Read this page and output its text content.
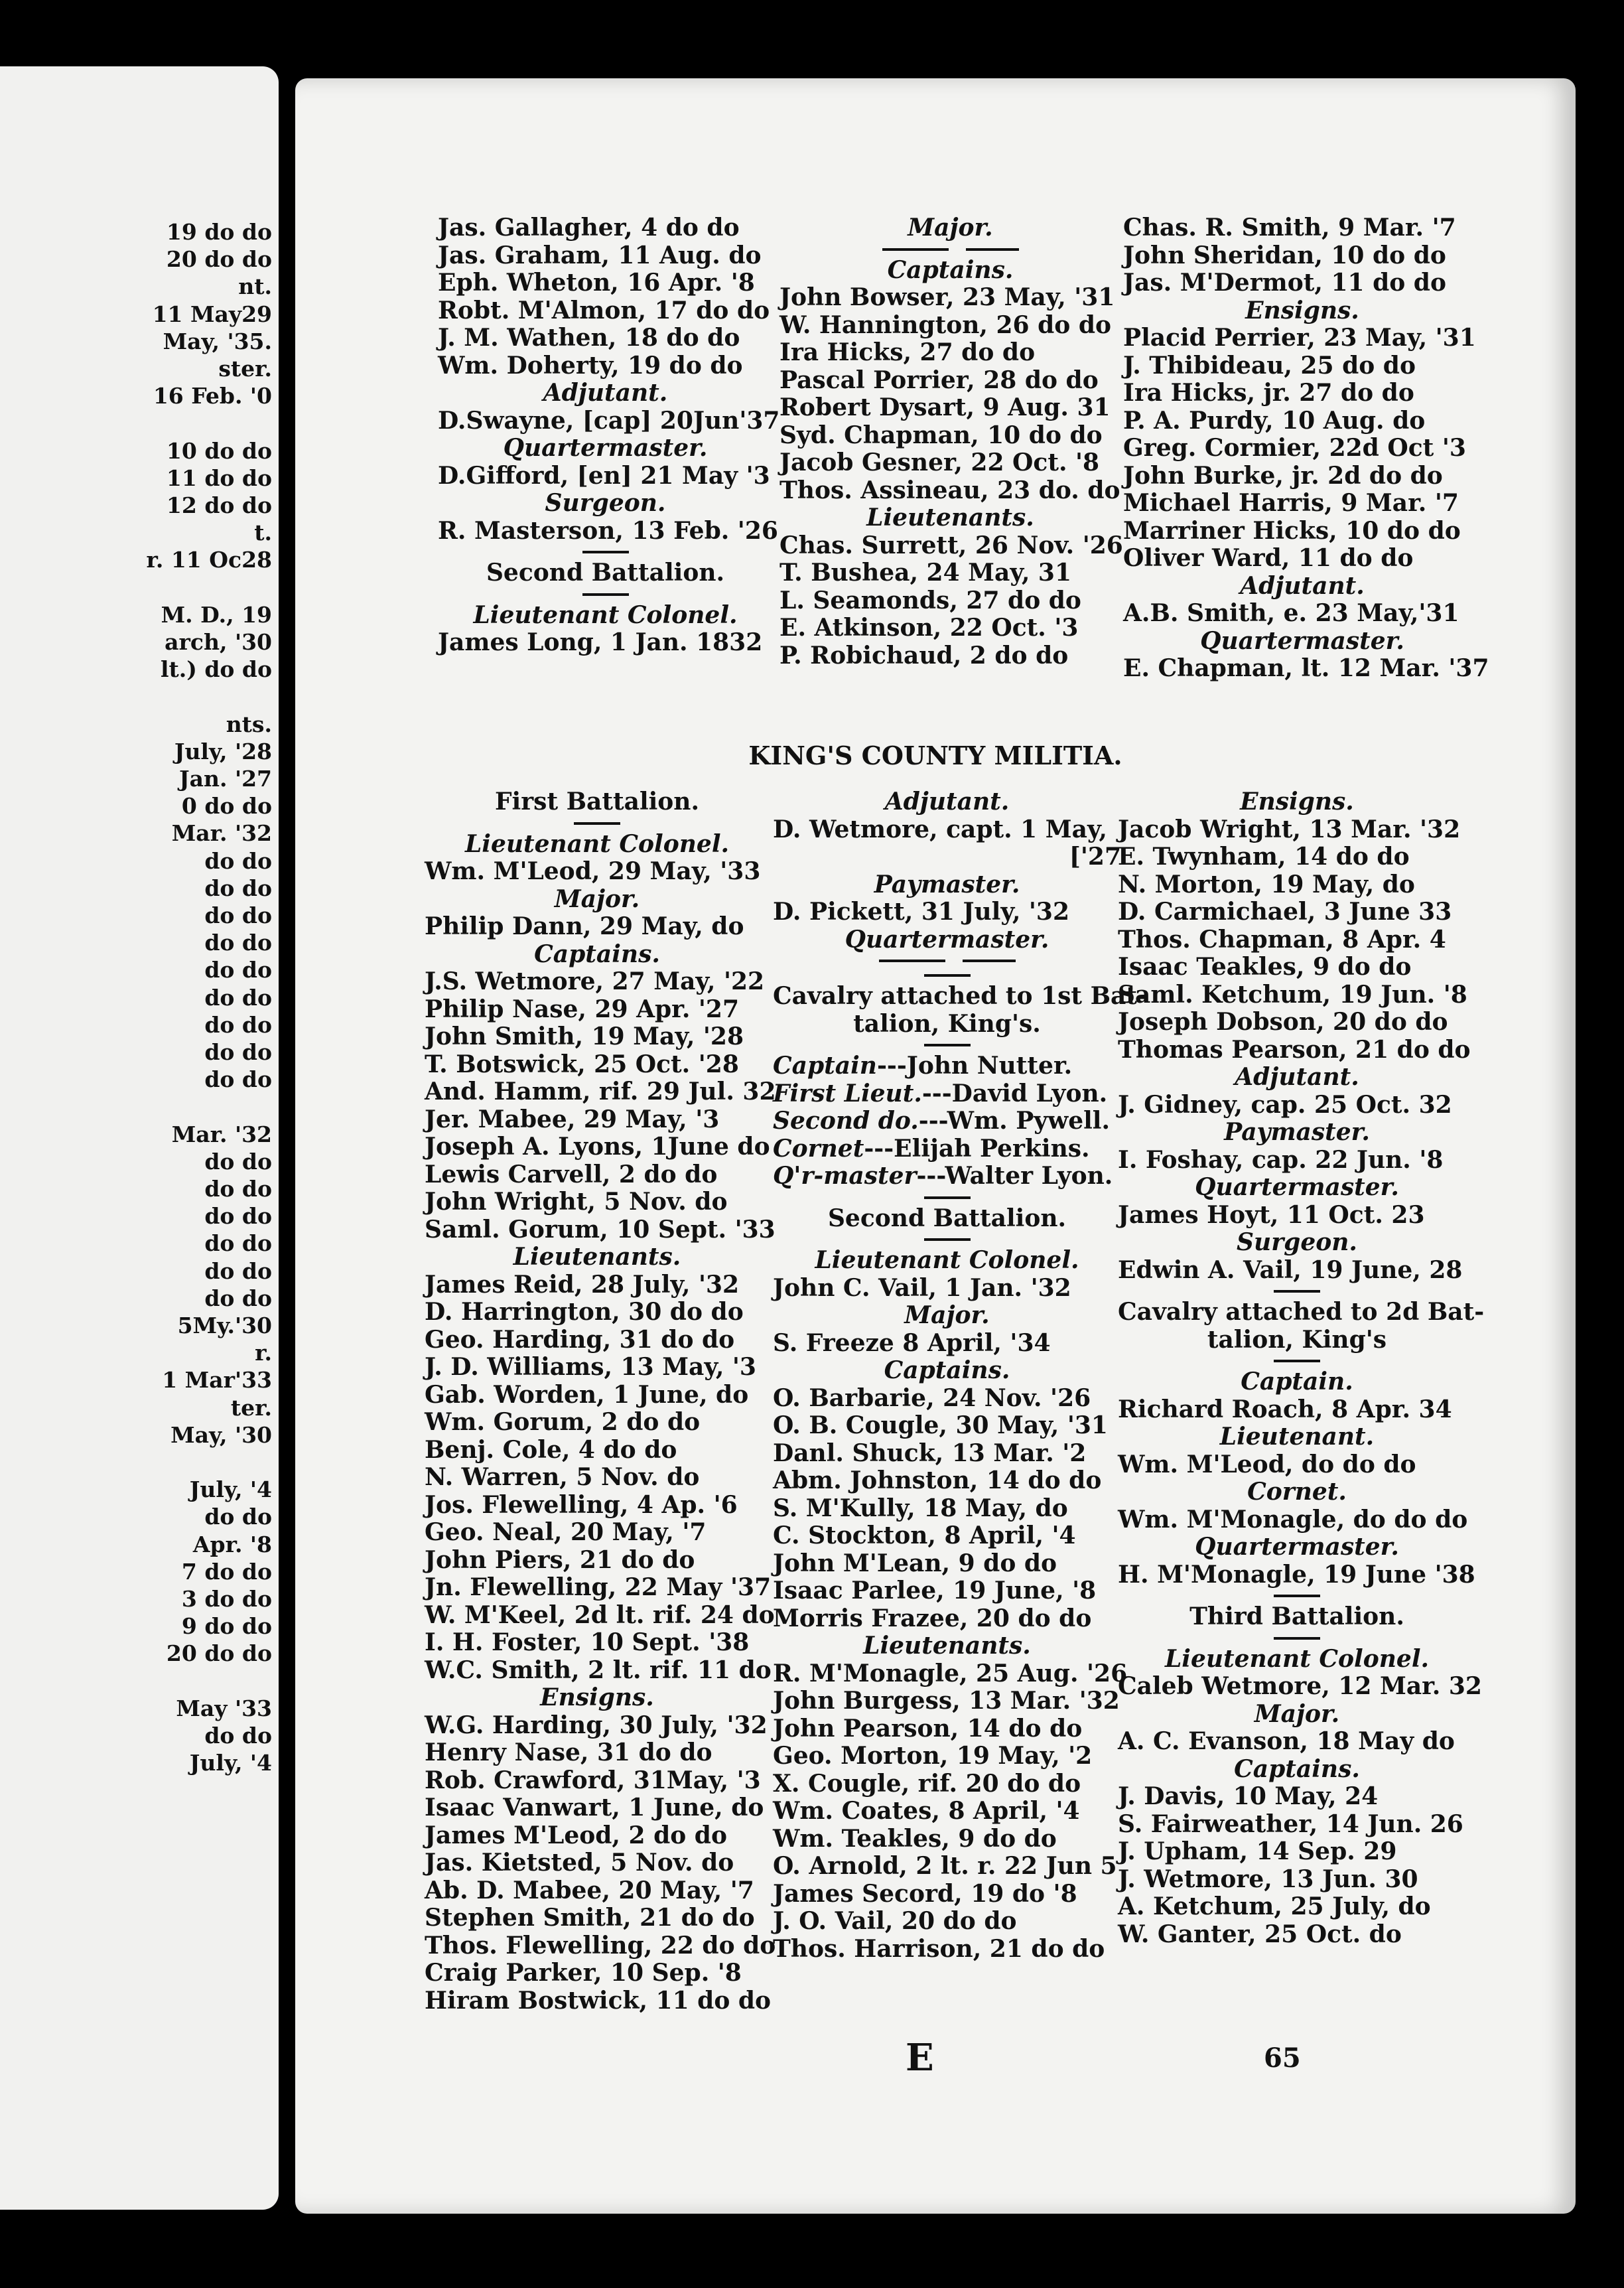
19 do do
20 do do
nt.
11 May29
May, '35.
ster.
16 Feb. '0
10 do do
11 do do
12 do do
t.
r. 11 Oc28
M. D., 19
arch, '30
lt.) do do
nts.
July, '28
Jan. '27
0 do do
Mar. '32
do do
do do
do do
do do
do do
do do
do do
do do
do do
Mar. '32
do do
do do
do do
do do
do do
do do
5My.'30
r.
1 Mar'33
ter.
May, '30
July, '4
do do
Apr. '8
7 do do
3 do do
9 do do
20 do do
May '33
do do
July, '4
Jas. Gallagher, 4 do do
Jas. Graham, 11 Aug. do
Eph. Wheton, 16 Apr. '8
Robt. M'Almon, 17 do do
J. M. Wathen, 18 do do
Wm. Doherty, 19 do do
Adjutant.
D.Swayne, [cap] 20Jun'37
Quartermaster.
D.Gifford, [en] 21 May '3
Surgeon.
R. Masterson, 13 Feb. '26
Second Battalion.
Lieutenant Colonel.
James Long, 1 Jan. 1832
Major.
Captains.
John Bowser, 23 May, '31
W. Hannington, 26 do do
Ira Hicks, 27 do do
Pascal Porrier, 28 do do
Robert Dysart, 9 Aug. 31
Syd. Chapman, 10 do do
Jacob Gesner, 22 Oct. '8
Thos. Assineau, 23 do. do
Lieutenants.
Chas. Surrett, 26 Nov. '26
T. Bushea, 24 May, 31
L. Seamonds, 27 do do
E. Atkinson, 22 Oct. '3
P. Robichaud, 2 do do
Chas. R. Smith, 9 Mar. '7
John Sheridan, 10 do do
Jas. M'Dermot, 11 do do
Ensigns.
Placid Perrier, 23 May, '31
J. Thibideau, 25 do do
Ira Hicks, jr. 27 do do
P. A. Purdy, 10 Aug. do
Greg. Cormier, 22d Oct '3
John Burke, jr. 2d do do
Michael Harris, 9 Mar. '7
Marriner Hicks, 10 do do
Oliver Ward, 11 do do
Adjutant.
A.B. Smith, e. 23 May,'31
Quartermaster.
E. Chapman, lt. 12 Mar. '37
KING'S COUNTY MILITIA.
First Battalion.
Lieutenant Colonel.
Wm. M'Leod, 29 May, '33
Major.
Philip Dann, 29 May, do
Captains.
J.S. Wetmore, 27 May, '22
Philip Nase, 29 Apr. '27
John Smith, 19 May, '28
T. Botswick, 25 Oct. '28
And. Hamm, rif. 29 Jul. 32
Jer. Mabee, 29 May, '3
Joseph A. Lyons, 1June do
Lewis Carvell, 2 do do
John Wright, 5 Nov. do
Saml. Gorum, 10 Sept. '33
Lieutenants.
James Reid, 28 July, '32
D. Harrington, 30 do do
Geo. Harding, 31 do do
J. D. Williams, 13 May, '3
Gab. Worden, 1 June, do
Wm. Gorum, 2 do do
Benj. Cole, 4 do do
N. Warren, 5 Nov. do
Jos. Flewelling, 4 Ap. '6
Geo. Neal, 20 May, '7
John Piers, 21 do do
Jn. Flewelling, 22 May '37
W. M'Keel, 2d lt. rif. 24 do
I. H. Foster, 10 Sept. '38
W.C. Smith, 2 lt. rif. 11 do
Ensigns.
W.G. Harding, 30 July, '32
Henry Nase, 31 do do
Rob. Crawford, 31May, '3
Isaac Vanwart, 1 June, do
James M'Leod, 2 do do
Jas. Kietsted, 5 Nov. do
Ab. D. Mabee, 20 May, '7
Stephen Smith, 21 do do
Thos. Flewelling, 22 do do
Craig Parker, 10 Sep. '8
Hiram Bostwick, 11 do do
Adjutant.
D. Wetmore, capt. 1 May,
['27
Paymaster.
D. Pickett, 31 July, '32
Quartermaster.
Cavalry attached to 1st Bat-
talion, King's.
Captain---John Nutter.
First Lieut.---David Lyon.
Second do.---Wm. Pywell.
Cornet---Elijah Perkins.
Q'r-master---Walter Lyon.
Second Battalion.
Lieutenant Colonel.
John C. Vail, 1 Jan. '32
Major.
S. Freeze 8 April, '34
Captains.
O. Barbarie, 24 Nov. '26
O. B. Cougle, 30 May, '31
Danl. Shuck, 13 Mar. '2
Abm. Johnston, 14 do do
S. M'Kully, 18 May, do
C. Stockton, 8 April, '4
John M'Lean, 9 do do
Isaac Parlee, 19 June, '8
Morris Frazee, 20 do do
Lieutenants.
R. M'Monagle, 25 Aug. '26
John Burgess, 13 Mar. '32
John Pearson, 14 do do
Geo. Morton, 19 May, '2
X. Cougle, rif. 20 do do
Wm. Coates, 8 April, '4
Wm. Teakles, 9 do do
O. Arnold, 2 lt. r. 22 Jun 5
James Secord, 19 do '8
J. O. Vail, 20 do do
Thos. Harrison, 21 do do
Ensigns.
Jacob Wright, 13 Mar. '32
E. Twynham, 14 do do
N. Morton, 19 May, do
D. Carmichael, 3 June 33
Thos. Chapman, 8 Apr. 4
Isaac Teakles, 9 do do
Saml. Ketchum, 19 Jun. '8
Joseph Dobson, 20 do do
Thomas Pearson, 21 do do
Adjutant.
J. Gidney, cap. 25 Oct. 32
Paymaster.
I. Foshay, cap. 22 Jun. '8
Quartermaster.
James Hoyt, 11 Oct. 23
Surgeon.
Edwin A. Vail, 19 June, 28
Cavalry attached to 2d Bat-
talion, King's
Captain.
Richard Roach, 8 Apr. 34
Lieutenant.
Wm. M'Leod, do do do
Cornet.
Wm. M'Monagle, do do do
Quartermaster.
H. M'Monagle, 19 June '38
Third Battalion.
Lieutenant Colonel.
Caleb Wetmore, 12 Mar. 32
Major.
A. C. Evanson, 18 May do
Captains.
J. Davis, 10 May, 24
S. Fairweather, 14 Jun. 26
J. Upham, 14 Sep. 29
J. Wetmore, 13 Jun. 30
A. Ketchum, 25 July, do
W. Ganter, 25 Oct. do
E	65
